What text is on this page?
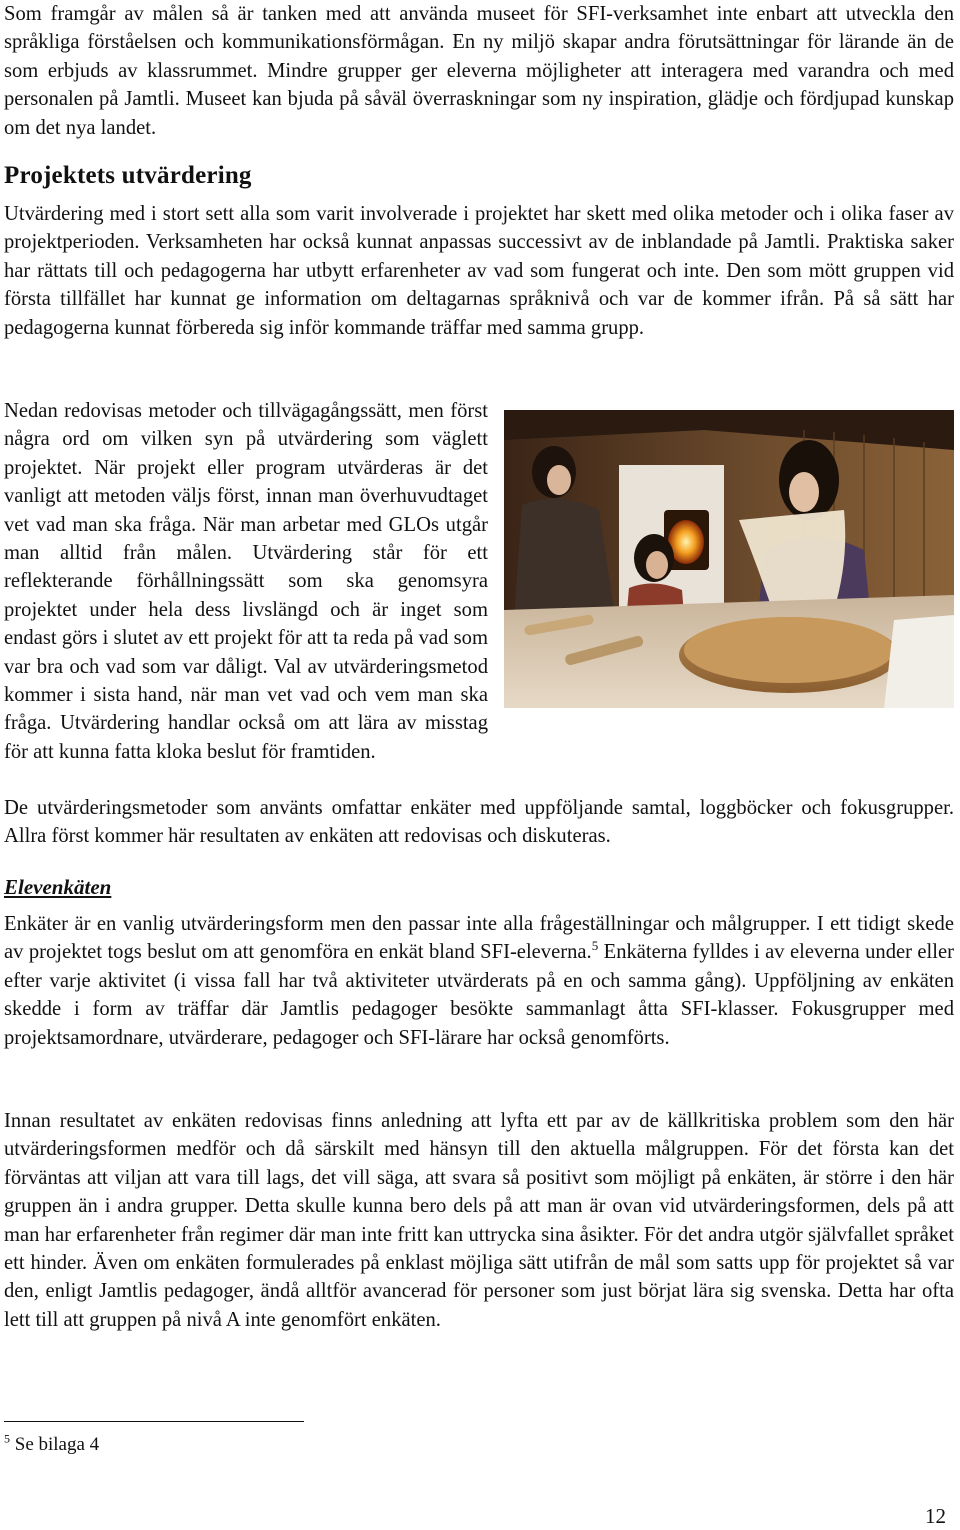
Som framgår av målen så är tanken med att använda museet för SFI-verksamhet inte enbart att utveckla den språkliga förståelsen och kommunikationsförmågan. En ny miljö skapar andra förutsättningar för lärande än de som erbjuds av klassrummet. Mindre grupper ger eleverna möjligheter att interagera med varandra och med personalen på Jamtli. Museet kan bjuda på såväl överraskningar som ny inspiration, glädje och fördjupad kunskap om det nya landet.

Projektets utvärdering

Utvärdering med i stort sett alla som varit involverade i projektet har skett med olika metoder och i olika faser av projektperioden. Verksamheten har också kunnat anpassas successivt av de inblandade på Jamtli. Praktiska saker har rättats till och pedagogerna har utbytt erfarenheter av vad som fungerat och inte. Den som mött gruppen vid första tillfället har kunnat ge information om deltagarnas språknivå och var de kommer ifrån. På så sätt har pedagogerna kunnat förbereda sig inför kommande träffar med samma grupp.

Nedan redovisas metoder och tillvägagångssätt, men först några ord om vilken syn på utvärdering som väglett projektet. När projekt eller program utvärderas är det vanligt att metoden väljs först, innan man överhuvudtaget vet vad man ska fråga. När man arbetar med GLOs utgår man alltid från målen. Utvärdering står för ett reflekterande förhållningssätt som ska genomsyra projektet under hela dess livslängd och är inget som endast görs i slutet av ett projekt för att ta reda på vad som var bra och vad som var dåligt. Val av utvärderingsmetod kommer i sista hand, när man vet vad och vem man ska fråga. Utvärdering handlar också om att lära av misstag för att kunna fatta kloka beslut för framtiden.

De utvärderingsmetoder som använts omfattar enkäter med uppföljande samtal, loggböcker och fokusgrupper. Allra först kommer här resultaten av enkäten att redovisas och diskuteras.

Elevenkäten

Enkäter är en vanlig utvärderingsform men den passar inte alla frågeställningar och målgrupper. I ett tidigt skede av projektet togs beslut om att genomföra en enkät bland SFI-eleverna.$^5$ Enkäterna fylldes i av eleverna under eller efter varje aktivitet (i vissa fall har två aktiviteter utvärderats på en och samma gång). Uppföljning av enkäten skedde i form av träffar där Jamtlis pedagoger besökte sammanlagt åtta SFI-klasser. Fokusgrupper med projektsamordnare, utvärderare, pedagoger och SFI-lärare har också genomförts.

Innan resultatet av enkäten redovisas finns anledning att lyfta ett par av de källkritiska problem som den här utvärderingsformen medför och då särskilt med hänsyn till den aktuella målgruppen. För det första kan det förväntas att viljan att vara till lags, det vill säga, att svara så positivt som möjligt på enkäten, är större i den här gruppen än i andra grupper. Detta skulle kunna bero dels på att man är ovan vid utvärderingsformen, dels på att man har erfarenheter från regimer där man inte fritt kan uttrycka sina åsikter. För det andra utgör självfallet språket ett hinder. Även om enkäten formulerades på enklast möjliga sätt utifrån de mål som satts upp för projektet så var den, enligt Jamtlis pedagoger, ändå alltför avancerad för personer som just börjat lära sig svenska. Detta har ofta lett till att gruppen på nivå A inte genomfört enkäten.

$^5$ Se bilaga 4
12
